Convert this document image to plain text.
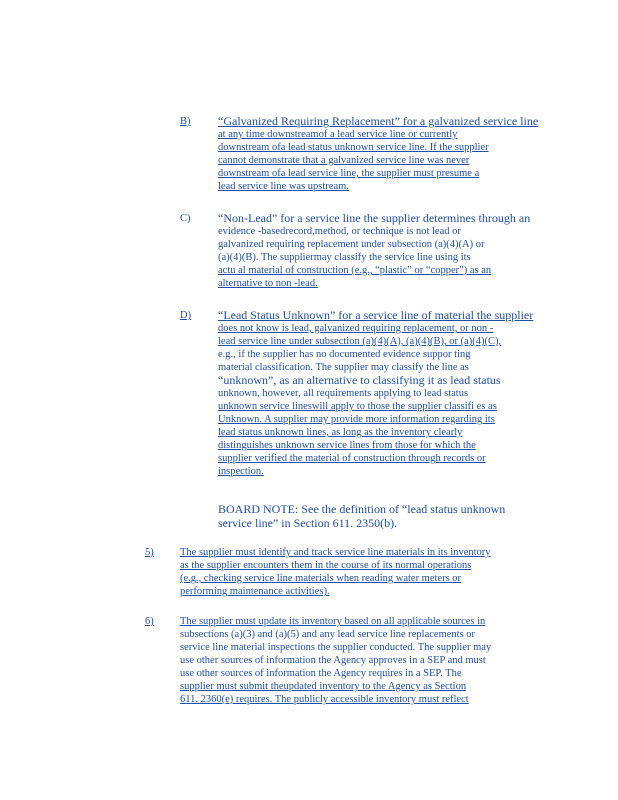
B) “Galvanized Requiring Replacement” for a galvanized service line
at any time downstreamof a lead service line or currently
downstream ofa lead status unknown service line. If the supplier
cannot demonstrate that a galvanized service line was never
downstream ofa lead service line, the supplier must presume a
lead service line was upstream.
C) “Non-Lead” for a service line the supplier determines through an
evidence -basedrecord,method, or technique is not lead or
galvanized requiring replacement under subsection (a)(4)(A) or
(a)(4)(B). The suppliermay classify the service line using its
actu al material of construction (e.g., “plastic” or “copper”) as an
alternative to non -lead.
D) “Lead Status Unknown” for a service line of material the supplier
does not know is lead, galvanized requiring replacement, or non -
lead service line under subsection (a)(4)(A), (a)(4)(B), or (a)(4)(C),
e.g., if the supplier has no documented evidence suppor ting
material classification. The supplier may classify the line as
“unknown”, as an alternative to classifying it as lead status
unknown, however, all requirements applying to lead status
unknown service lineswill apply to those the supplier classifi es as
Unknown. A supplier may provide more information regarding its
lead status unknown lines, as long as the inventory clearly
distinguishes unknown service lines from those for which the
supplier verified the material of construction through records or
inspection.
BOARD NOTE: See the definition of “lead status unknown
service line” in Section 611. 2350(b).
5)	The supplier must identify and track service line materials in its inventory
as the supplier encounters them in the course of its normal operations
(e.g., checking service line materials when reading water meters or
performing maintenance activities).
6)	The supplier must update its inventory based on all applicable sources in
subsections (a)(3) and (a)(5) and any lead service line replacements or
service line material inspections the supplier conducted. The supplier may
use other sources of information the Agency approves in a SEP and must
use other sources of information the Agency requires in a SEP. The
supplier must submit theupdated inventory to the Agency as Section
611. 2360(e) requires. The publicly accessible inventory must reflect
